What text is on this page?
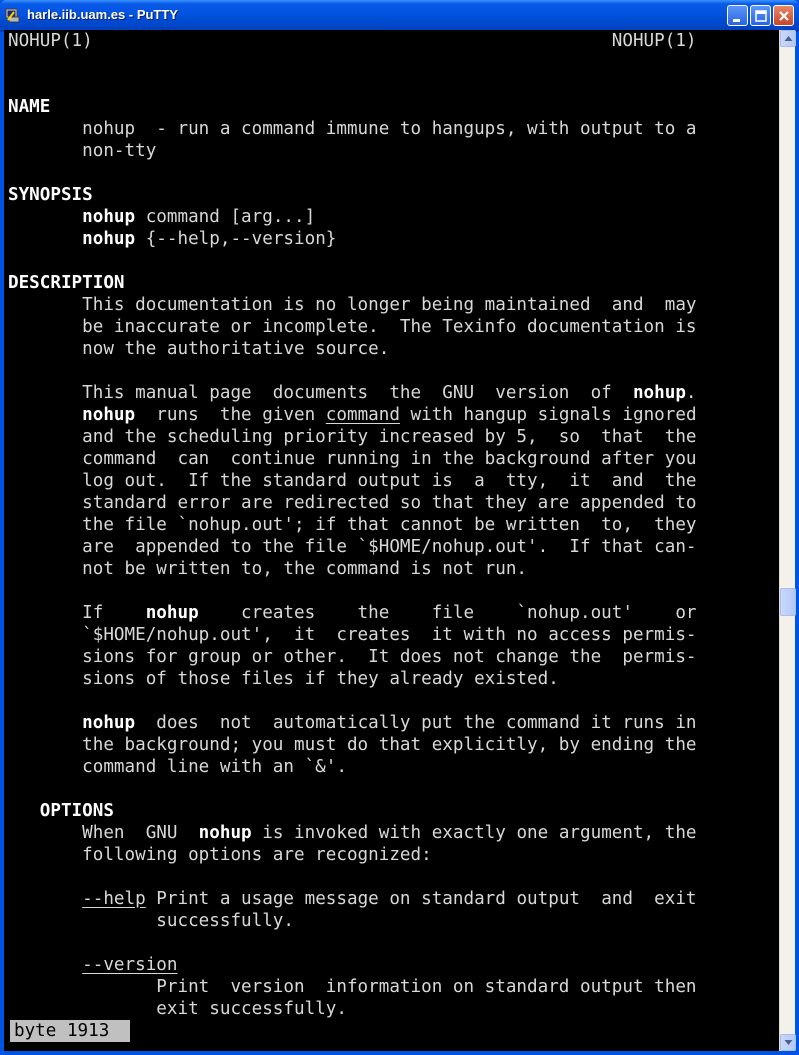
harle.iib.uam.es - PuTTY
NOHUP(1)                                                 NOHUP(1)
NAME
nohup  - run a command immune to hangups, with output to a
non-tty
SYNOPSIS
nohup command [arg...]
nohup {--help,--version}
DESCRIPTION
This documentation is no longer being maintained  and  may
be inaccurate or incomplete.  The Texinfo documentation is
now the authoritative source.
This manual page  documents  the  GNU  version  of  nohup.
nohup  runs  the given command with hangup signals ignored
and the scheduling priority increased by 5,  so  that  the
command  can  continue running in the background after you
log out.  If the standard output is  a  tty,  it  and  the
standard error are redirected so that they are appended to
the file `nohup.out'; if that cannot be written  to,  they
are  appended to the file `$HOME/nohup.out'.  If that can-
not be written to, the command is not run.
If    nohup    creates    the    file    `nohup.out'    or
`$HOME/nohup.out',  it  creates  it with no access permis-
sions for group or other.  It does not change the  permis-
sions of those files if they already existed.
nohup  does  not  automatically put the command it runs in
the background; you must do that explicitly, by ending the
command line with an `&'.
OPTIONS
When  GNU  nohup is invoked with exactly one argument, the
following options are recognized:
--help Print a usage message on standard output  and  exit
successfully.
--version
Print  version  information on standard output then
exit successfully.
byte 1913
